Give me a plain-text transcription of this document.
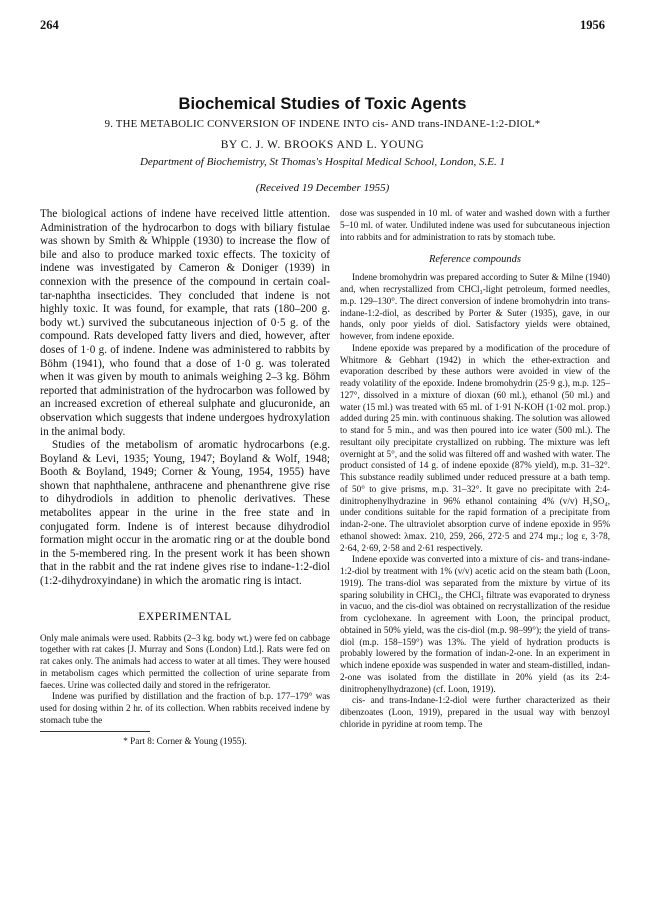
264	1956
Biochemical Studies of Toxic Agents
9. THE METABOLIC CONVERSION OF INDENE INTO cis- AND trans-INDANE-1:2-DIOL*
BY C. J. W. BROOKS AND L. YOUNG
Department of Biochemistry, St Thomas's Hospital Medical School, London, S.E. 1
(Received 19 December 1955)

The biological actions of indene have received little attention. Administration of the hydrocarbon to dogs with biliary fistulae was shown by Smith & Whipple (1930) to increase the flow of bile and also to produce marked toxic effects. The toxicity of indene was investigated by Cameron & Doniger (1939) in connexion with the presence of the compound in certain coal-tar-naphtha insecticides. They concluded that indene is not highly toxic. It was found, for example, that rats (180–200 g. body wt.) survived the subcutaneous injection of 0·5 g. of the compound. Rats developed fatty livers and died, however, after doses of 1·0 g. of indene. Indene was administered to rabbits by Böhm (1941), who found that a dose of 1·0 g. was tolerated when it was given by mouth to animals weighing 2–3 kg. Böhm reported that administration of the hydrocarbon was followed by an increased excretion of ethereal sulphate and glucuronide, an observation which suggests that indene undergoes hydroxylation in the animal body.

Studies of the metabolism of aromatic hydrocarbons (e.g. Boyland & Levi, 1935; Young, 1947; Boyland & Wolf, 1948; Booth & Boyland, 1949; Corner & Young, 1954, 1955) have shown that naphthalene, anthracene and phenanthrene give rise to dihydrodiols in addition to phenolic derivatives. These metabolites appear in the urine in the free state and in conjugated form. Indene is of interest because dihydrodiol formation might occur in the aromatic ring or at the double bond in the 5-membered ring. In the present work it has been shown that in the rabbit and the rat indene gives rise to indane-1:2-diol (1:2-dihydroxyindane) in which the aromatic ring is intact.

EXPERIMENTAL

Only male animals were used. Rabbits (2–3 kg. body wt.) were fed on cabbage together with rat cakes [J. Murray and Sons (London) Ltd.]. Rats were fed on rat cakes only. The animals had access to water at all times. They were housed in metabolism cages which permitted the collection of urine separate from faeces. Urine was collected daily and stored in the refrigerator.

Indene was purified by distillation and the fraction of b.p. 177–179° was used for dosing within 2 hr. of its collection. When rabbits received indene by stomach tube the

* Part 8: Corner & Young (1955).

dose was suspended in 10 ml. of water and washed down with a further 5–10 ml. of water. Undiluted indene was used for subcutaneous injection into rabbits and for administration to rats by stomach tube.

Reference compounds

Indene bromohydrin was prepared according to Suter & Milne (1940) and, when recrystallized from CHCl₃-light petroleum, formed needles, m.p. 129–130°. The direct conversion of indene bromohydrin into trans-indane-1:2-diol, as described by Porter & Suter (1935), gave, in our hands, only poor yields of diol. Satisfactory yields were obtained, however, from indene epoxide.

Indene epoxide was prepared by a modification of the procedure of Whitmore & Gebhart (1942) in which the ether-extraction and evaporation described by these authors were avoided in view of the ready volatility of the epoxide. Indene bromohydrin (25·9 g.), m.p. 125–127°, dissolved in a mixture of dioxan (60 ml.), ethanol (50 ml.) and water (15 ml.) was treated with 65 ml. of 1·91 N-KOH (1·02 mol. prop.) added during 25 min. with continuous shaking. The solution was allowed to stand for 5 min., and was then poured into ice water (500 ml.). The resultant oily precipitate crystallized on rubbing. The mixture was left overnight at 5°, and the solid was filtered off and washed with water. The product consisted of 14 g. of indene epoxide (87% yield), m.p. 31–32°. This substance readily sublimed under reduced pressure at a bath temp. of 50° to give prisms, m.p. 31–32°. It gave no precipitate with 2:4-dinitrophenylhydrazine in 96% ethanol containing 4% (v/v) H₂SO₄, under conditions suitable for the rapid formation of a precipitate from indan-2-one. The ultraviolet absorption curve of indene epoxide in 95% ethanol showed: λmax. 210, 259, 266, 272·5 and 274 mμ.; log ε, 3·78, 2·64, 2·69, 2·58 and 2·61 respectively.

Indene epoxide was converted into a mixture of cis- and trans-indane-1:2-diol by treatment with 1% (v/v) acetic acid on the steam bath (Loon, 1919). The trans-diol was separated from the mixture by virtue of its sparing solubility in CHCl₃, the CHCl₃ filtrate was evaporated to dryness in vacuo, and the cis-diol was obtained on recrystallization of the residue from cyclohexane. In agreement with Loon, the principal product, obtained in 50% yield, was the cis-diol (m.p. 98–99°); the yield of trans-diol (m.p. 158–159°) was 13%. The yield of hydration products is probably lowered by the formation of indan-2-one. In an experiment in which indene epoxide was suspended in water and steam-distilled, indan-2-one was isolated from the distillate in 20% yield (as its 2:4-dinitrophenylhydrazone) (cf. Loon, 1919).

cis- and trans-Indane-1:2-diol were further characterized as their dibenzoates (Loon, 1919), prepared in the usual way with benzoyl chloride in pyridine at room temp. The
